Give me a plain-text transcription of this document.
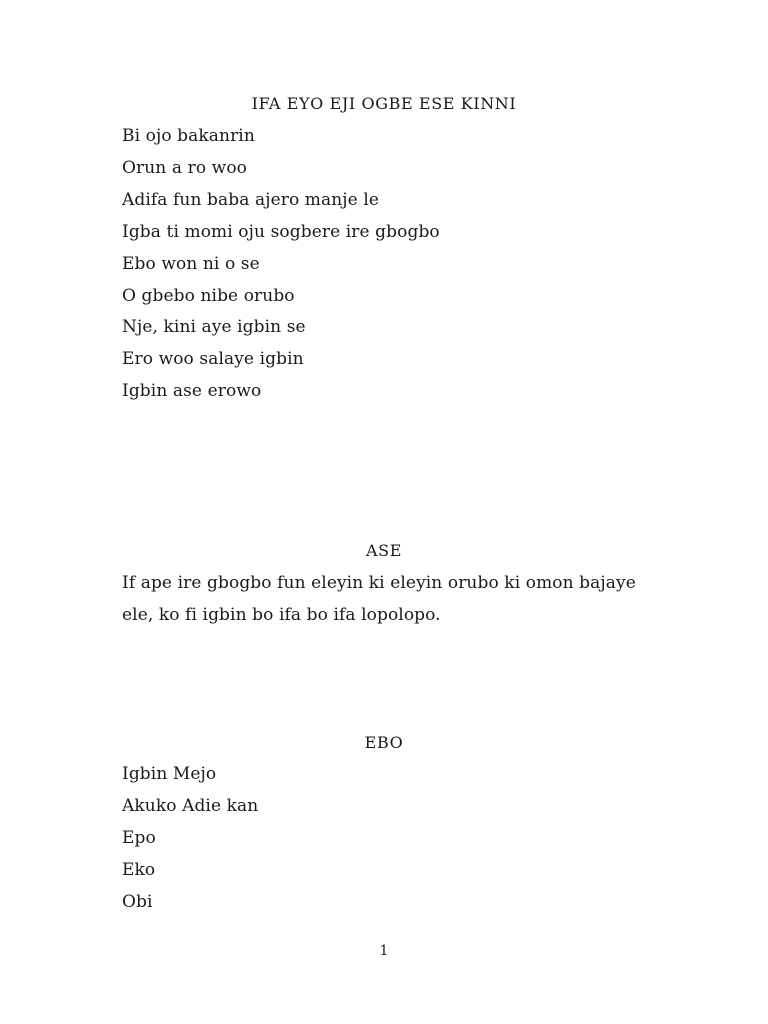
IFA EYO EJI OGBE ESE KINNI
Bi ojo bakanrin
Orun a ro woo
Adifa fun baba ajero manje le
Igba ti momi oju sogbere ire gbogbo
Ebo won ni o se
O gbebo nibe orubo
Nje, kini aye igbin se
Ero woo salaye igbin
Igbin ase erowo
ASE
If ape ire gbogbo fun eleyin ki eleyin orubo ki omon bajaye
ele, ko fi igbin bo ifa bo ifa lopolopo.
EBO
Igbin Mejo
Akuko Adie kan
Epo
Eko
Obi
1
